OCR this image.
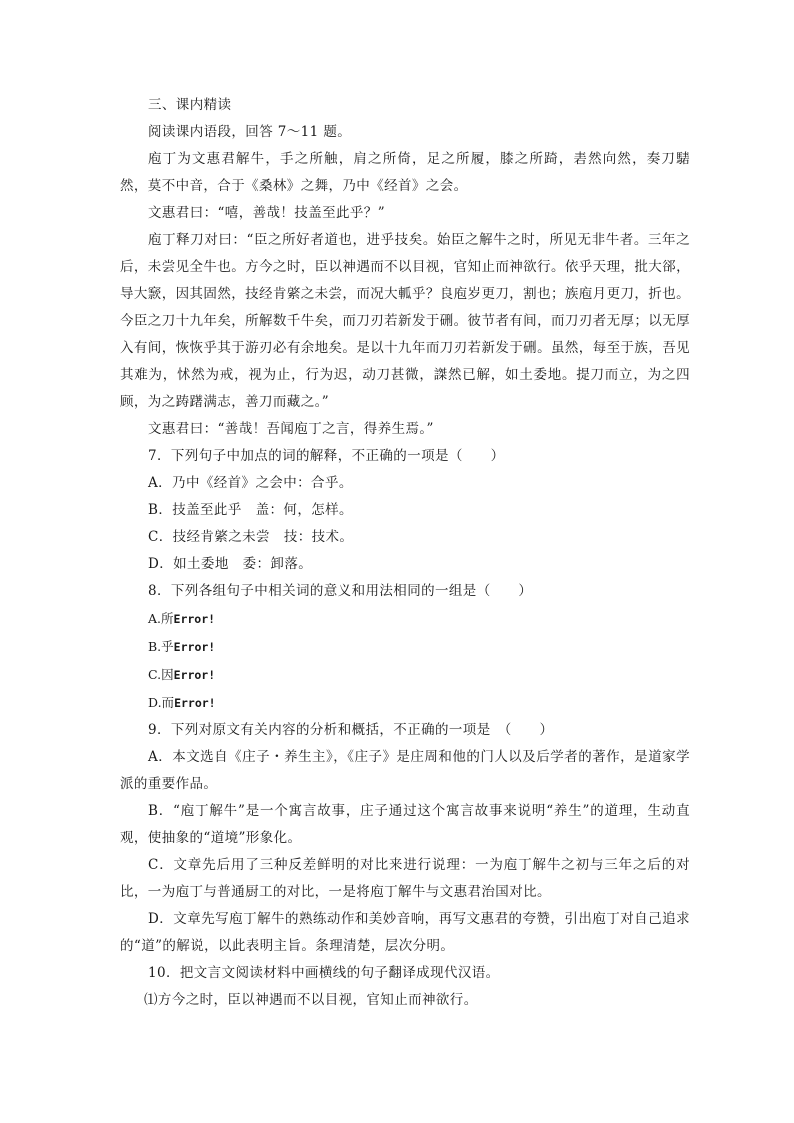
三、课内精读
阅读课内语段，回答 7～11 题。

庖丁为文惠君解牛，手之所触，肩之所倚，足之所履，膝之所踦，砉然向然，奏刀騞然，莫不中音，合于《桑林》之舞，乃中《经首》之会。

文惠君曰：“嘻，善哉！技盖至此乎？”

庖丁释刀对曰：“臣之所好者道也，进乎技矣。始臣之解牛之时，所见无非牛者。三年之后，未尝见全牛也。方今之时，臣以神遇而不以目视，官知止而神欲行。依乎天理，批大郤，导大窾，因其固然，技经肯綮之未尝，而况大軱乎？良庖岁更刀，割也；族庖月更刀，折也。今臣之刀十九年矣，所解数千牛矣，而刀刃若新发于硎。彼节者有间，而刀刃者无厚；以无厚入有间，恢恢乎其于游刃必有余地矣。是以十九年而刀刃若新发于硎。虽然，每至于族，吾见其难为，怵然为戒，视为止，行为迟，动刀甚微，謋然已解，如土委地。提刀而立，为之四顾，为之踌躇满志，善刀而藏之。”

文惠君曰：“善哉！吾闻庖丁之言，得养生焉。”

7．下列句子中加点的词的解释，不正确的一项是（　　）
A．乃中《经首》之会中：合乎。
B．技盖至此乎　盖：何，怎样。
C．技经肯綮之未尝　技：技术。
D．如土委地　委：卸落。
8．下列各组句子中相关词的意义和用法相同的一组是（　　）
A.所Error!
B.乎Error!
C.因Error!
D.而Error!
9．下列对原文有关内容的分析和概括，不正确的一项是　（　　）

A．本文选自《庄子・养生主》，《庄子》是庄周和他的门人以及后学者的著作，是道家学派的重要作品。

B．“庖丁解牛”是一个寓言故事，庄子通过这个寓言故事来说明“养生”的道理，生动直观，使抽象的“道境”形象化。

C．文章先后用了三种反差鲜明的对比来进行说理：一为庖丁解牛之初与三年之后的对比，一为庖丁与普通厨工的对比，一是将庖丁解牛与文惠君治国对比。

D．文章先写庖丁解牛的熟练动作和美妙音响，再写文惠君的夸赞，引出庖丁对自己追求的“道”的解说，以此表明主旨。条理清楚，层次分明。

10．把文言文阅读材料中画横线的句子翻译成现代汉语。
⑴方今之时，臣以神遇而不以目视，官知止而神欲行。
